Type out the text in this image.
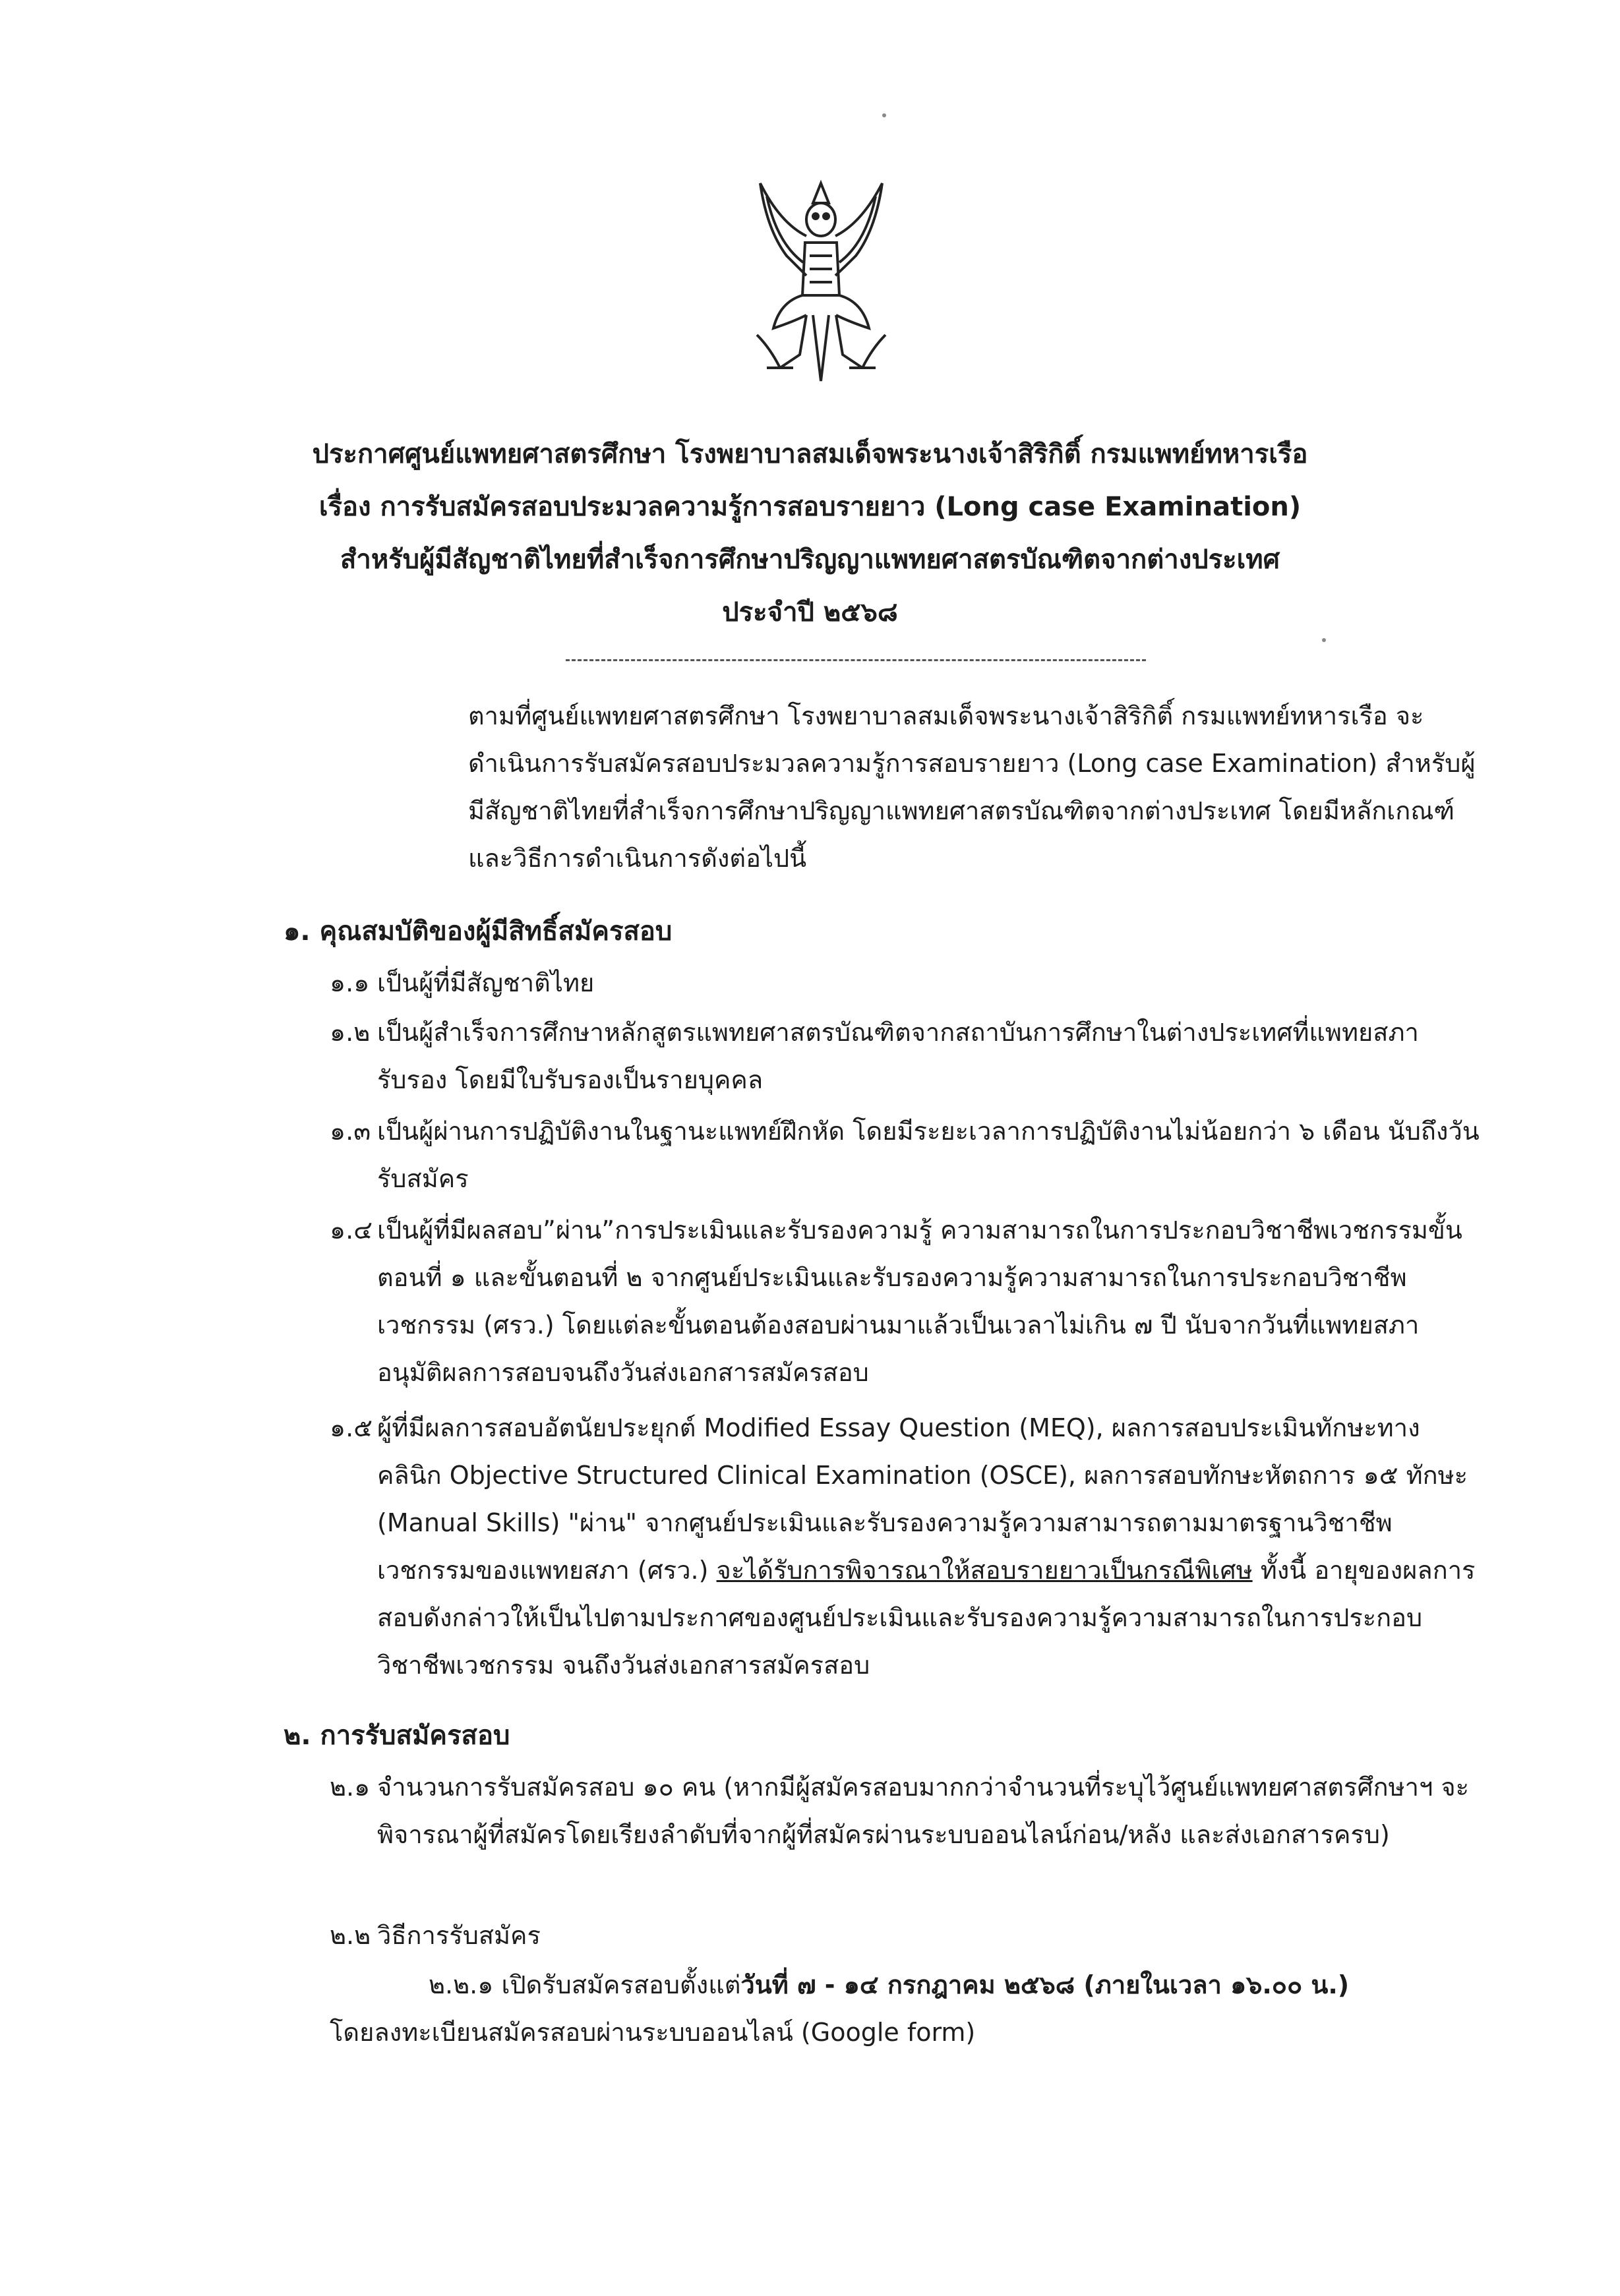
ประกาศศูนย์แพทยศาสตรศึกษา โรงพยาบาลสมเด็จพระนางเจ้าสิริกิติ์ กรมแพทย์ทหารเรือ
เรื่อง การรับสมัครสอบประมวลความรู้การสอบรายยาว (Long case Examination)
สำหรับผู้มีสัญชาติไทยที่สำเร็จการศึกษาปริญญาแพทยศาสตรบัณฑิตจากต่างประเทศ
ประจำปี ๒๕๖๘
ตามที่ศูนย์แพทยศาสตรศึกษา โรงพยาบาลสมเด็จพระนางเจ้าสิริกิติ์ กรมแพทย์ทหารเรือ จะดำเนินการรับสมัครสอบประมวลความรู้การสอบรายยาว (Long case Examination) สำหรับผู้มีสัญชาติไทยที่สำเร็จการศึกษาปริญญาแพทยศาสตรบัณฑิตจากต่างประเทศ โดยมีหลักเกณฑ์และวิธีการดำเนินการดังต่อไปนี้
๑. คุณสมบัติของผู้มีสิทธิ์สมัครสอบ
๑.๑ เป็นผู้ที่มีสัญชาติไทย
๑.๒ เป็นผู้สำเร็จการศึกษาหลักสูตรแพทยศาสตรบัณฑิตจากสถาบันการศึกษาในต่างประเทศที่แพทยสภารับรอง โดยมีใบรับรองเป็นรายบุคคล
๑.๓ เป็นผู้ผ่านการปฏิบัติงานในฐานะแพทย์ฝึกหัด โดยมีระยะเวลาการปฏิบัติงานไม่น้อยกว่า ๖ เดือน นับถึงวันรับสมัคร
๑.๔ เป็นผู้ที่มีผลสอบ”ผ่าน”การประเมินและรับรองความรู้ ความสามารถในการประกอบวิชาชีพเวชกรรมขั้นตอนที่ ๑ และขั้นตอนที่ ๒ จากศูนย์ประเมินและรับรองความรู้ความสามารถในการประกอบวิชาชีพเวชกรรม (ศรว.) โดยแต่ละขั้นตอนต้องสอบผ่านมาแล้วเป็นเวลาไม่เกิน ๗ ปี นับจากวันที่แพทยสภาอนุมัติผลการสอบจนถึงวันส่งเอกสารสมัครสอบ
๑.๕ ผู้ที่มีผลการสอบอัตนัยประยุกต์ Modified Essay Question (MEQ), ผลการสอบประเมินทักษะทางคลินิก Objective Structured Clinical Examination (OSCE), ผลการสอบทักษะหัตถการ ๑๕ ทักษะ (Manual Skills) "ผ่าน" จากศูนย์ประเมินและรับรองความรู้ความสามารถตามมาตรฐานวิชาชีพเวชกรรมของแพทยสภา (ศรว.) จะได้รับการพิจารณาให้สอบรายยาวเป็นกรณีพิเศษ ทั้งนี้ อายุของผลการสอบดังกล่าวให้เป็นไปตามประกาศของศูนย์ประเมินและรับรองความรู้ความสามารถในการประกอบวิชาชีพเวชกรรม จนถึงวันส่งเอกสารสมัครสอบ
๒. การรับสมัครสอบ
๒.๑ จำนวนการรับสมัครสอบ ๑๐ คน (หากมีผู้สมัครสอบมากกว่าจำนวนที่ระบุไว้ศูนย์แพทยศาสตรศึกษาฯ จะพิจารณาผู้ที่สมัครโดยเรียงลำดับที่จากผู้ที่สมัครผ่านระบบออนไลน์ก่อน/หลัง และส่งเอกสารครบ)
๒.๒ วิธีการรับสมัคร
๒.๒.๑ เปิดรับสมัครสอบตั้งแต่วันที่ ๗ - ๑๔ กรกฎาคม ๒๕๖๘ (ภายในเวลา ๑๖.๐๐ น.)
โดยลงทะเบียนสมัครสอบผ่านระบบออนไลน์ (Google form)
